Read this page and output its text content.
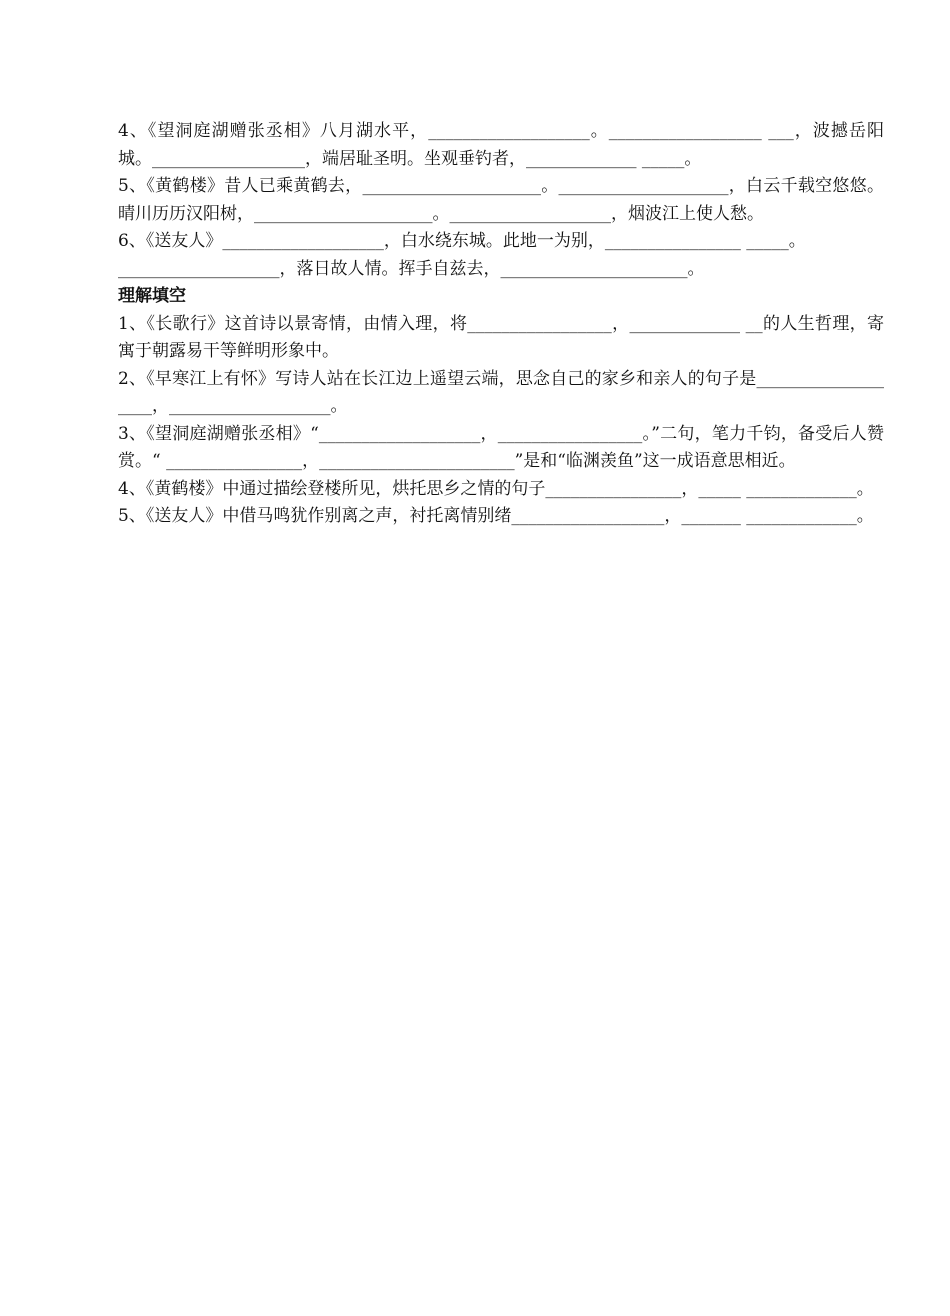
4、《望洞庭湖赠张丞相》八月湖水平，___________________。__________________ ___，波撼岳阳城。__________________，端居耻圣明。坐观垂钓者，_____________ _____。

5、《黄鹤楼》昔人已乘黄鹤去，_____________________。____________________，白云千载空悠悠。晴川历历汉阳树，_____________________。___________________，烟波江上使人愁。

6、《送友人》___________________，白水绕东城。此地一为别，________________ _____。

___________________，落日故人情。挥手自兹去，______________________。

理解填空

1、《长歌行》这首诗以景寄情，由情入理，将_________________，_____________ __的人生哲理，寄寓于朝露易干等鲜明形象中。

2、《早寒江上有怀》写诗人站在长江边上遥望云端，思念自己的家乡和亲人的句子是___________________，___________________。

3、《望洞庭湖赠张丞相》“___________________，_________________。”二句，笔力千钧，备受后人赞赏。“ ________________，_______________________”是和“临渊羡鱼”这一成语意思相近。

4、《黄鹤楼》中通过描绘登楼所见，烘托思乡之情的句子________________，_____ _____________。

5、《送友人》中借马鸣犹作别离之声，衬托离情别绪__________________，_______ _____________。
